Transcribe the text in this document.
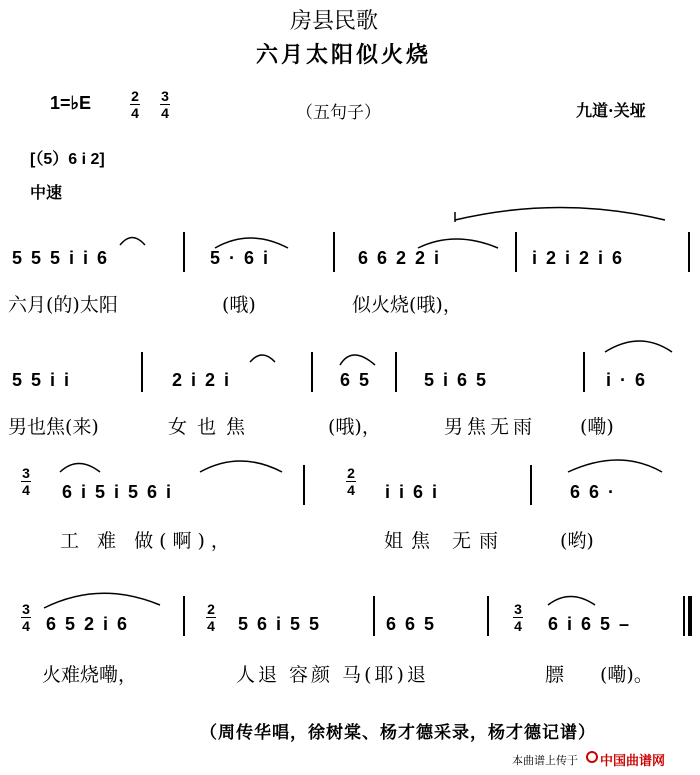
房县民歌
六月太阳似火烧
1=♭E	2
4
3
4	（五句子）	九道·关垭
[（5）6 i 2]
中速
5 5 5 i i 6	5 · 6 i	6 6 2 2 i	i 2 i 2 i 6
六月(的)太阳	(哦)	似火烧(哦)，
5 5 i i	2 i 2 i	6 5	5 i 6 5	i · 6
男也焦(来)	女也焦	(哦)，	男焦无雨 (嘞)
3
4 6 i 5 i 5 6 i
2
4 i i 6 i	6 6 ·
工 难 做(啊)，	姐焦 无雨	(哟)
3
4 6 5 2 i 6
2
4 5 6 i 5 5	6 6 5
3
4 6 i 6 5 –
火难烧嘞，	人退 容颜 马(耶)退	膘 (嘞)。
（周传华唱，徐树棠、杨才德采录，杨才德记谱）
本曲谱上传于 中国曲谱网
